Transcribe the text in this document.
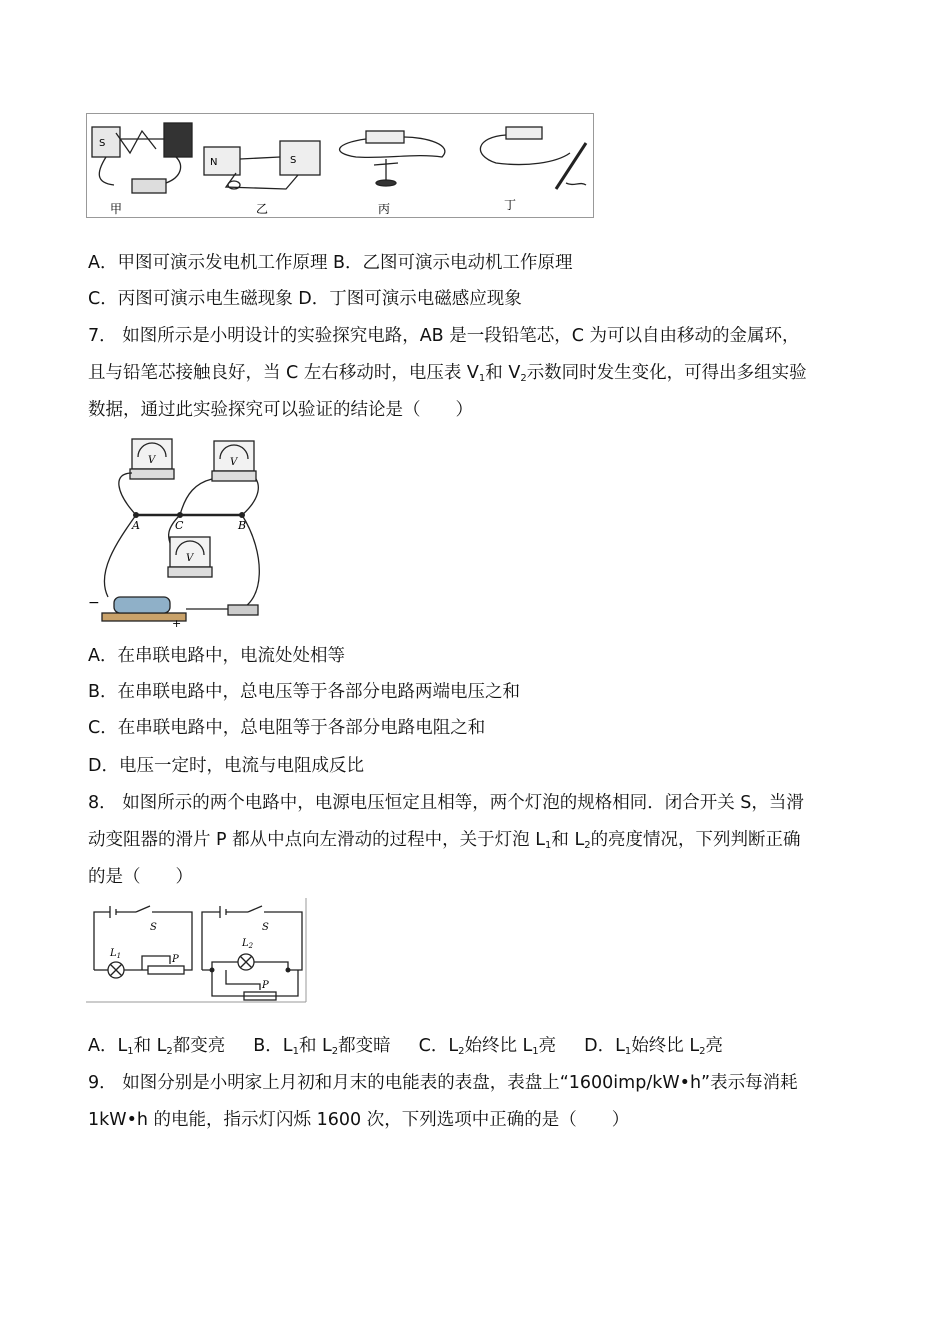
S
甲
N	S
乙	丙	丁
A．甲图可演示发电机工作原理 B．乙图可演示电动机工作原理
C．丙图可演示电生磁现象 D．丁图可演示电磁感应现象
7． 如图所示是小明设计的实验探究电路，AB 是一段铅笔芯，C 为可以自由移动的金属环，
且与铅笔芯接触良好，当 C 左右移动时，电压表 $V_1$和 $V_2$示数同时发生变化，可得出多组实验
数据，通过此实验探究可以验证的结论是（　　）
V	V
V
A	C	B
−
+
A．在串联电路中，电流处处相等
B．在串联电路中，总电压等于各部分电路两端电压之和
C．在串联电路中，总电阻等于各部分电路电阻之和
D．电压一定时，电流与电阻成反比
8． 如图所示的两个电路中，电源电压恒定且相等，两个灯泡的规格相同．闭合开关 S，当滑
动变阻器的滑片 P 都从中点向左滑动的过程中，关于灯泡 $L_1$和 $L_2$的亮度情况，下列判断正确
的是（　　）
S	S
$L_1$
$L_2$
P
P
A．$L_1$和 $L_2$都变亮 B．$L_1$和 $L_2$都变暗 C．$L_2$始终比 $L_1$亮 D．$L_1$始终比 $L_2$亮
9． 如图分别是小明家上月初和月末的电能表的表盘，表盘上“1600imp/kW•h”表示每消耗
1kW•h 的电能，指示灯闪烁 1600 次，下列选项中正确的是（　　）
